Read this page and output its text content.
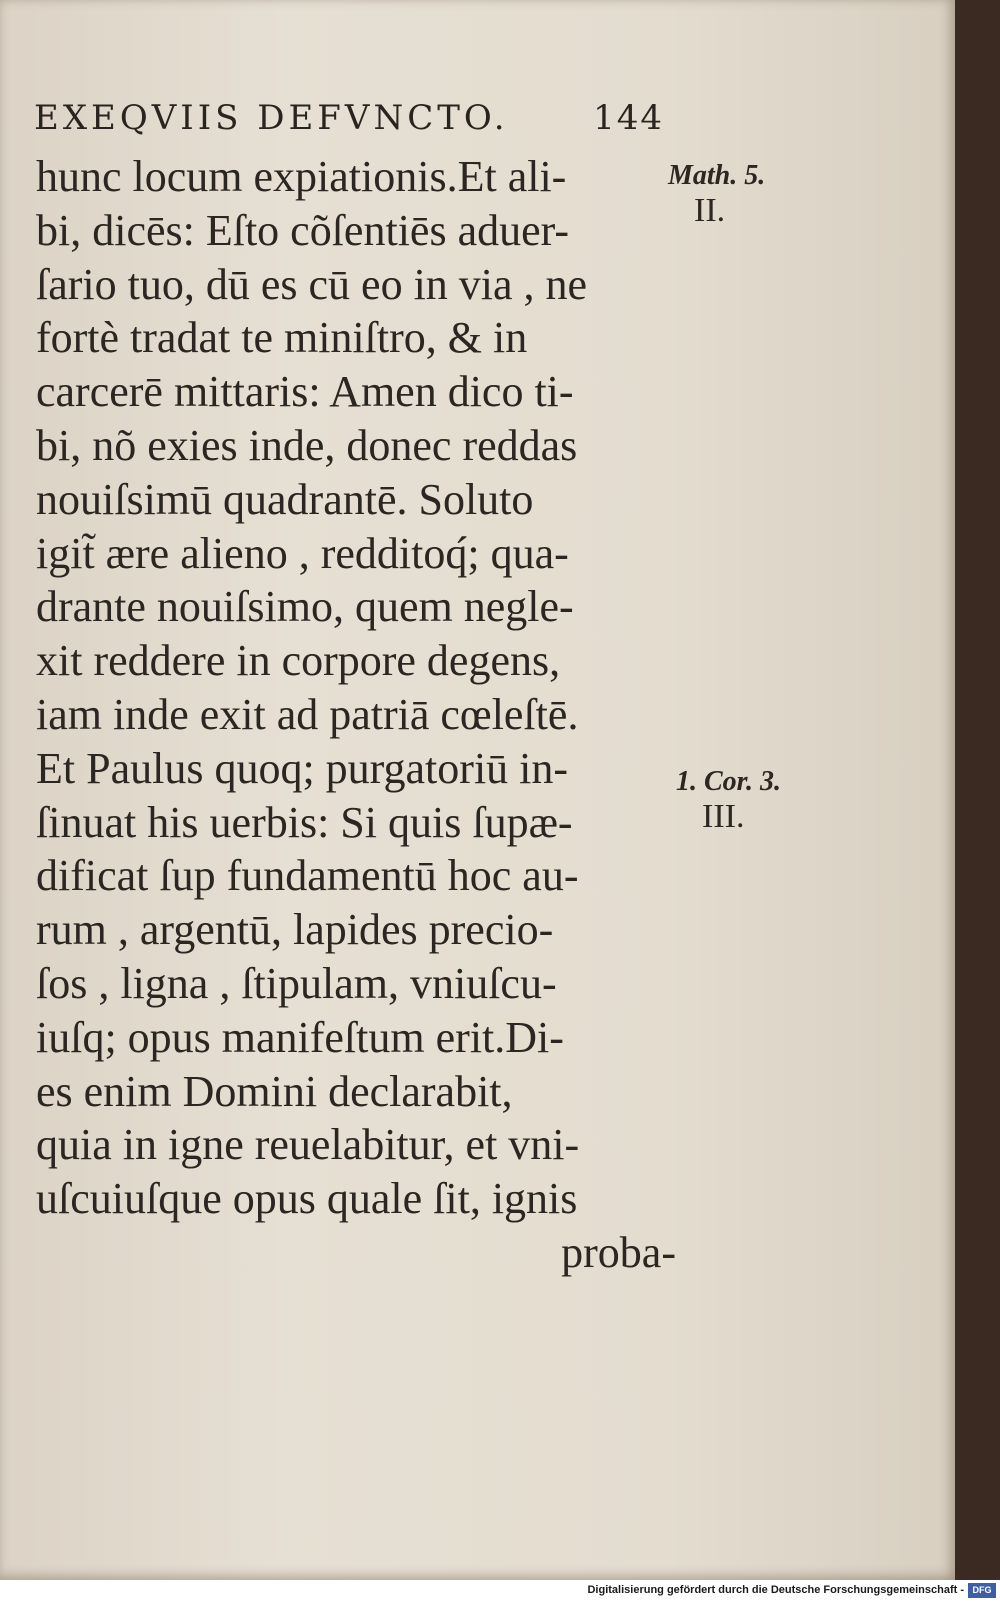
EXEQVIIS DEFVNCTO. 144
hunc locum expiationis.Et ali-
bi, dicēs: Eſto cõſentiēs aduer-
ſario tuo, dū es cū eo in via , ne
fortè tradat te miniſtro, & in
carcerē mittaris: Amen dico ti-
bi, nõ exies inde, donec reddas
nouiſsimū quadrantē. Soluto
igit̃ ære alieno , redditoq́; qua-
drante nouiſsimo, quem negle-
xit reddere in corpore degens,
iam inde exit ad patriā cœleſtē.
Et Paulus quoq; purgatoriū in-
ſinuat his uerbis: Si quis ſupæ-
dificat ſup fundamentū hoc au-
rum , argentū, lapides precio-
ſos , ligna , ſtipulam, vniuſcu-
iuſq; opus manifeſtum erit.Di-
es enim Domini declarabit,
quia in igne reuelabitur, et vni-
uſcuiuſque opus quale ſit, ignis
proba-
Math. 5.
II.
1. Cor. 3.
III.
Digitalisierung gefördert durch die Deutsche Forschungsgemeinschaft - DFG
